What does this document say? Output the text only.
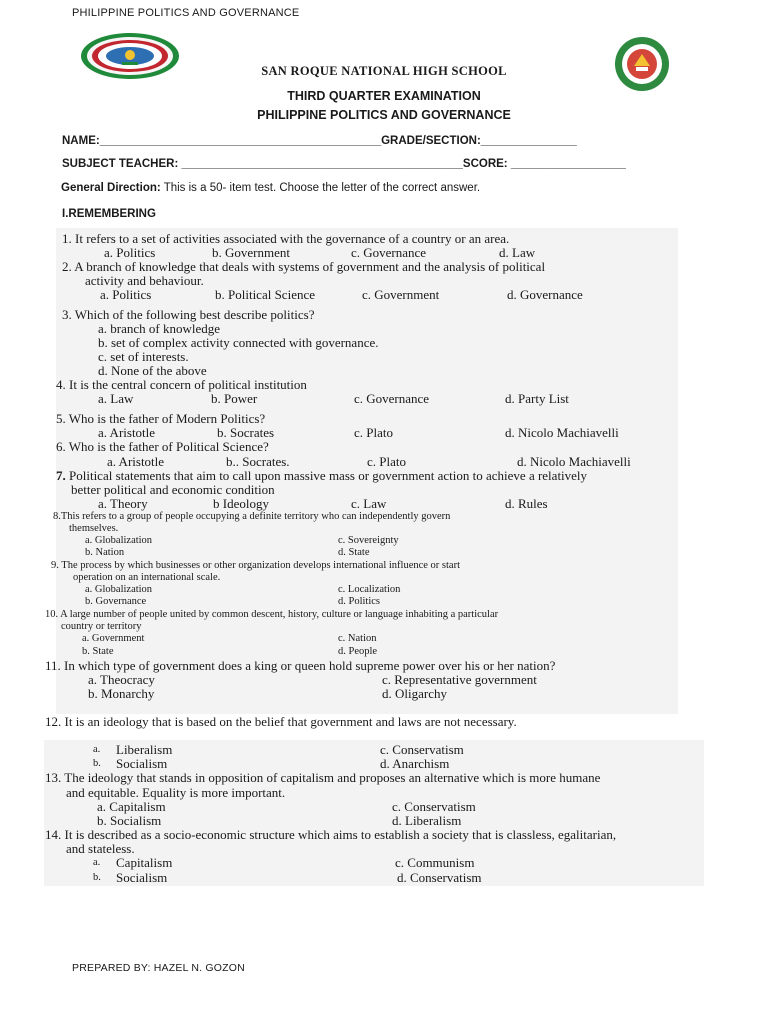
PHILIPPINE POLITICS AND GOVERNANCE
SAN ROQUE NATIONAL HIGH SCHOOL
THIRD QUARTER EXAMINATION
PHILIPPINE POLITICS AND GOVERNANCE
NAME:____________________________________________GRADE/SECTION:_______________
SUBJECT TEACHER: ____________________________________________SCORE: __________________
General Direction: This is a 50- item test. Choose the letter of the correct answer.
I.REMEMBERING
1. It refers to a set of activities associated with the governance of a country or an area.
a. Politics	b. Government	c. Governance	d. Law
2. A branch of knowledge that deals with systems of government and the analysis of political
activity and behaviour.
a. Politics	b. Political Science	c. Government	d. Governance
3. Which of the following best describe politics?
a. branch of knowledge
b. set of complex activity connected with governance.
c. set of interests.
d. None of the above
4. It is the central concern of political institution
a. Law	b. Power	c. Governance	d. Party List
5. Who is the father of Modern Politics?
a. Aristotle	b. Socrates	c. Plato	d. Nicolo Machiavelli
6. Who is the father of Political Science?
a. Aristotle	b.. Socrates.	c. Plato	d. Nicolo Machiavelli
7. Political statements that aim to call upon massive mass or government action to achieve a relatively
better political and economic condition
a. Theory	b Ideology	c. Law	d. Rules
8.This refers to a group of people occupying a definite territory who can independently govern
themselves.
a. Globalization
b. Nation
c. Sovereignty
d. State
9. The process by which businesses or other organization develops international influence or start
operation on an international scale.
a. Globalization
b. Governance
c. Localization
d. Politics
10. A large number of people united by common descent, history, culture or language inhabiting a particular
country or territory
a. Government
b. State
c. Nation
d. People
11. In which type of government does a king or queen hold supreme power over his or her nation?
a. Theocracy
b. Monarchy
c. Representative government
d. Oligarchy
12. It is an ideology that is based on the belief that government and laws are not necessary.
a. Liberalism
b. Socialism
c. Conservatism
d. Anarchism
13. The ideology that stands in opposition of capitalism and proposes an alternative which is more humane
and equitable. Equality is more important.
a. Capitalism
b. Socialism
c. Conservatism
d. Liberalism
14. It is described as a socio-economic structure which aims to establish a society that is classless, egalitarian,
and stateless.
a. Capitalism
b. Socialism
c. Communism
d. Conservatism
PREPARED BY: HAZEL N. GOZON
